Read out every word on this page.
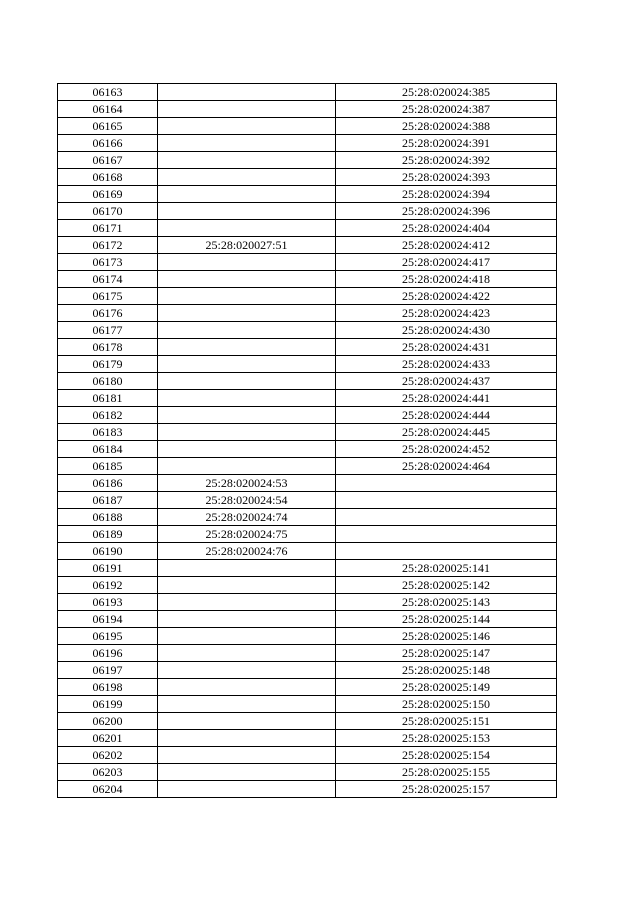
06163		25:28:020024:385
06164		25:28:020024:387
06165		25:28:020024:388
06166		25:28:020024:391
06167		25:28:020024:392
06168		25:28:020024:393
06169		25:28:020024:394
06170		25:28:020024:396
06171		25:28:020024:404
06172	25:28:020027:51	25:28:020024:412
06173		25:28:020024:417
06174		25:28:020024:418
06175		25:28:020024:422
06176		25:28:020024:423
06177		25:28:020024:430
06178		25:28:020024:431
06179		25:28:020024:433
06180		25:28:020024:437
06181		25:28:020024:441
06182		25:28:020024:444
06183		25:28:020024:445
06184		25:28:020024:452
06185		25:28:020024:464
06186	25:28:020024:53	
06187	25:28:020024:54	
06188	25:28:020024:74	
06189	25:28:020024:75	
06190	25:28:020024:76	
06191		25:28:020025:141
06192		25:28:020025:142
06193		25:28:020025:143
06194		25:28:020025:144
06195		25:28:020025:146
06196		25:28:020025:147
06197		25:28:020025:148
06198		25:28:020025:149
06199		25:28:020025:150
06200		25:28:020025:151
06201		25:28:020025:153
06202		25:28:020025:154
06203		25:28:020025:155
06204		25:28:020025:157
